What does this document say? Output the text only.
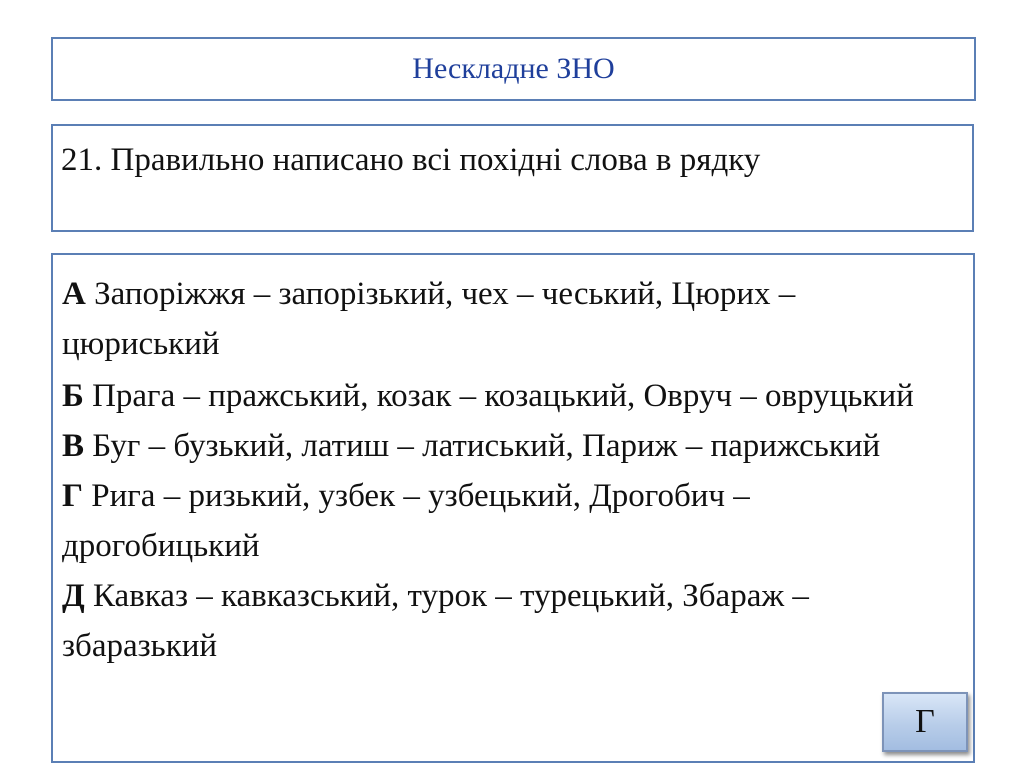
Нескладне ЗНО
21. Правильно написано всі похідні слова в рядку

А Запоріжжя – запорізький, чех – чеський, Цюрих – цюриський

Б Прага – пражський, козак – козацький, Овруч – овруцький

В Буг – бузький, латиш – латиський, Париж – парижський

Г Рига – ризький, узбек – узбецький, Дрогобич – дрогобицький

Д Кавказ – кавказський, турок – турецький, Збараж – збаразький

Г
